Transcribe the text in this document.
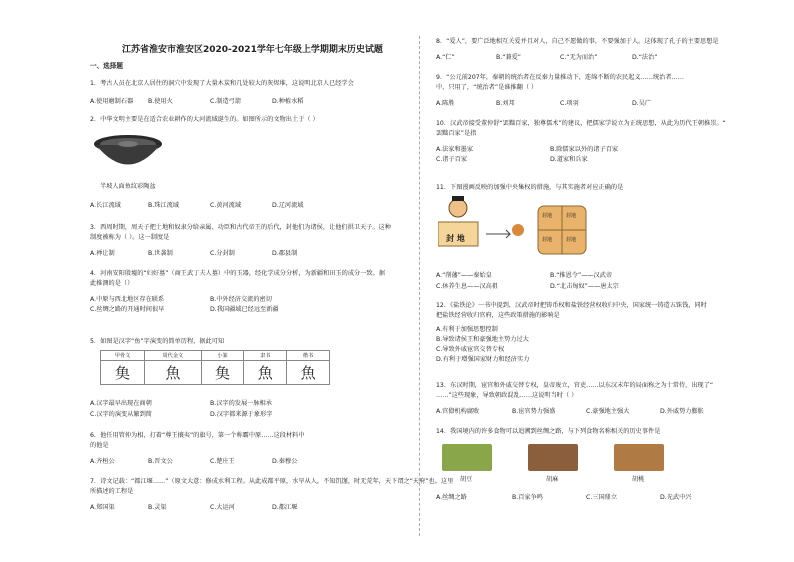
江苏省淮安市淮安区2020-2021学年七年级上学期期末历史试题
一、选择题
1．考古人员在北京人居住的洞穴中发现了大量木炭和几处较大的灰烬堆，这说明北京人已经学会
A.使用磨制石器 B.使用火	C.制造弓箭	D.种植水稻
2．中华文明主要是在适合农业耕作的大河流域诞生的。如图所示的文物出土于（ ）
半坡人面鱼纹彩陶盆
A.长江流域	B.珠江流域	C.黄河流域	D.辽河流域
3．西周时期，周天子把土地和奴隶分给亲属、功臣和古代帝王的后代，封他们为诸侯，让他们拱卫天子。这种
制度被称为（ ）。这一制度是
A.禅让制	B.世袭制	C.分封制	D.郡县制
4．河南安阳殷墟的“妇好墓”（商王武丁夫人墓）中的玉器，经化学成分分析，为新疆和田玉的成分一致。据
此推测的是（）
A.中原与西北地区存在联系	B.中外经济交流的密切
C.丝绸之路的开通时间很早	D.我国疆域已经远至新疆
5．如图是汉字“鱼”字演变的简单历程，据此可知
甲骨文	周代金文	小篆	隶书	楷书
𩵋	魚	𩵋	魚	魚
A.汉字最早出现在商朝	B.汉字的发展一脉相承
C.汉字的演变从繁到简	D.汉字都来源于象形字
6．他任用管仲为相，打着“尊王攘夷”的旗号，第一个称霸中原……这段材料中
的他是
A.齐桓公	B.晋文公	C.楚庄王	D.秦穆公
7．诗文记载：“都江堰……”（原文大意：修成水利工程。从此成都平原，水旱从人，不知饥馑，时无荒年，天下谓之“天府”也。这里
所描述的工程是
A.郑国渠	B.灵渠	C.大运河	D.都江堰
8．“爱人”，要广泛地相互关爱并且对人，自己不愿做的事，不要强加于人。这体现了孔子的主要思想是
A.“仁”	B.“兼爱”	C.“无为而治”	D.“法治”
9．“公元前207年，秦朝的统治者在反秦力量推动下，连绵不断的农民起义……统治者……
中，只用了，“统治者”是谁推翻（ ）
A.陈胜	B.刘邦	C.项羽	D.吴广
10．汉武帝接受董仲舒“罢黜百家，独尊儒术”的建议，把儒家学说立为正统思想，从此为历代王朝推崇。“
罢黜百家”是指
A.法家和墨家	B.除儒家以外的诸子百家
C.诸子百家	D.道家和兵家
11．下图漫画反映的加强中央集权的措施，与其实施者对应正确的是
封 地
封地	封地
封地	封地
A.“削藩”——秦始皇	B.“推恩令”——汉武帝
C.休养生息——汉高祖	D.“北击匈奴”——唐太宗
12．《盐铁论》一书中提到，汉武帝时把铸币权和盐铁经营权收归中央，国家统一铸造五铢钱，同时
把盐铁经营收归官府，这些政策措施的影响是
A.有利于加强思想控制
B.导致诸侯王和豪强地主势力过大
C.导致外戚宦官交替专权
D.有利于增强国家财力和经济实力
13．东汉时期，宦官和外戚交替专权，皇帝废立，官吏……以东汉末年的局面称之为十常侍，出现了“
……”这些现象，导致朝政混乱……这说明当时（ ）
A.官僚机构腐败	B.宦官势力强盛	C.豪强地主强大	D.外戚势力膨胀
14．我国境内的许多食物可以追溯到丝绸之路，与下列食物名称相关的历史事件是
胡豆	胡麻	胡桃
A.丝绸之路	B.百家争鸣	C.三国鼎立	D.光武中兴
